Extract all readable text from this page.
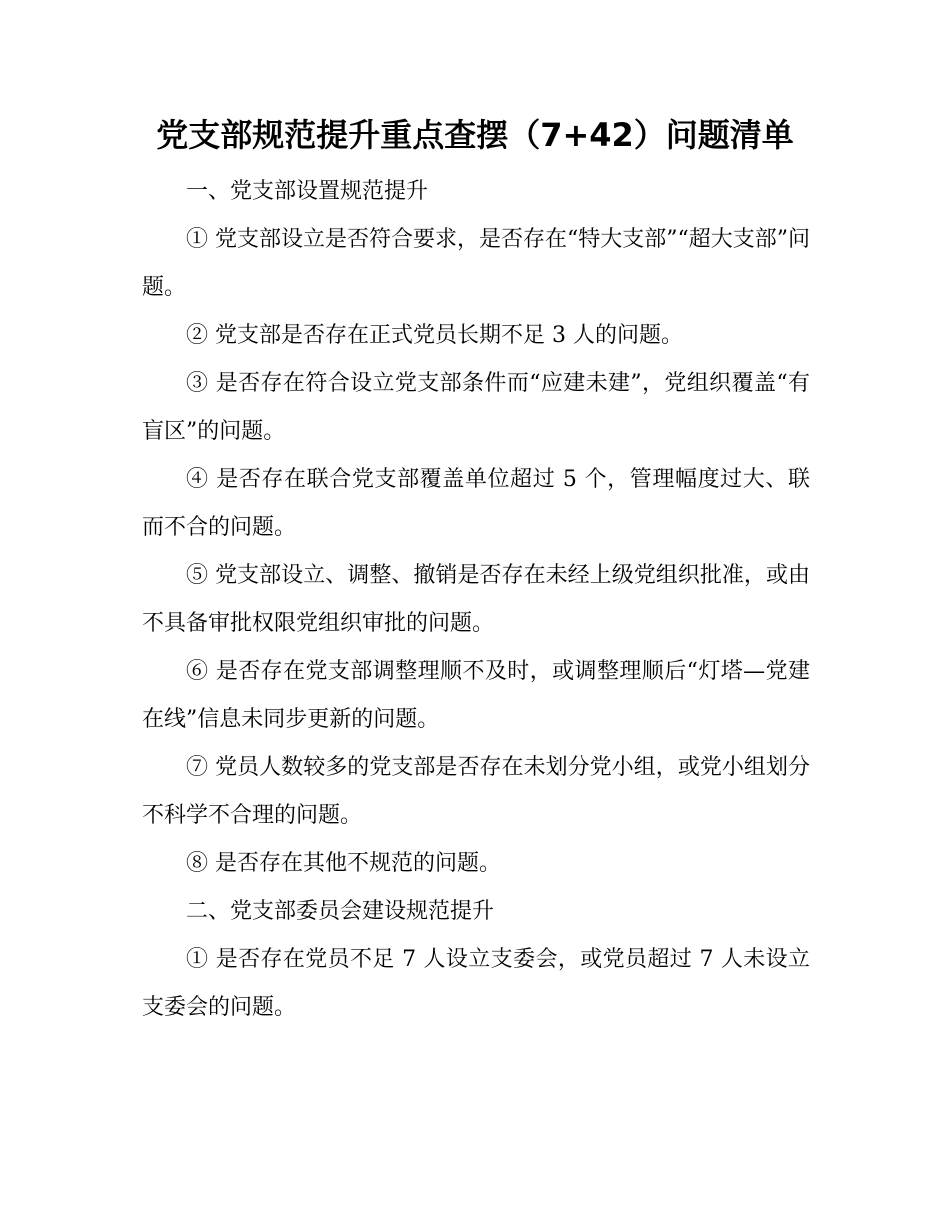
党支部规范提升重点查摆（7+42）问题清单

一、党支部设置规范提升

① 党支部设立是否符合要求，是否存在“特大支部”“超大支部”问题。

② 党支部是否存在正式党员长期不足 3 人的问题。

③ 是否存在符合设立党支部条件而“应建未建”，党组织覆盖“有盲区”的问题。

④ 是否存在联合党支部覆盖单位超过 5 个，管理幅度过大、联而不合的问题。

⑤ 党支部设立、调整、撤销是否存在未经上级党组织批准，或由不具备审批权限党组织审批的问题。

⑥ 是否存在党支部调整理顺不及时，或调整理顺后“灯塔—党建在线”信息未同步更新的问题。

⑦ 党员人数较多的党支部是否存在未划分党小组，或党小组划分不科学不合理的问题。

⑧ 是否存在其他不规范的问题。

二、党支部委员会建设规范提升

① 是否存在党员不足 7 人设立支委会，或党员超过 7 人未设立支委会的问题。
